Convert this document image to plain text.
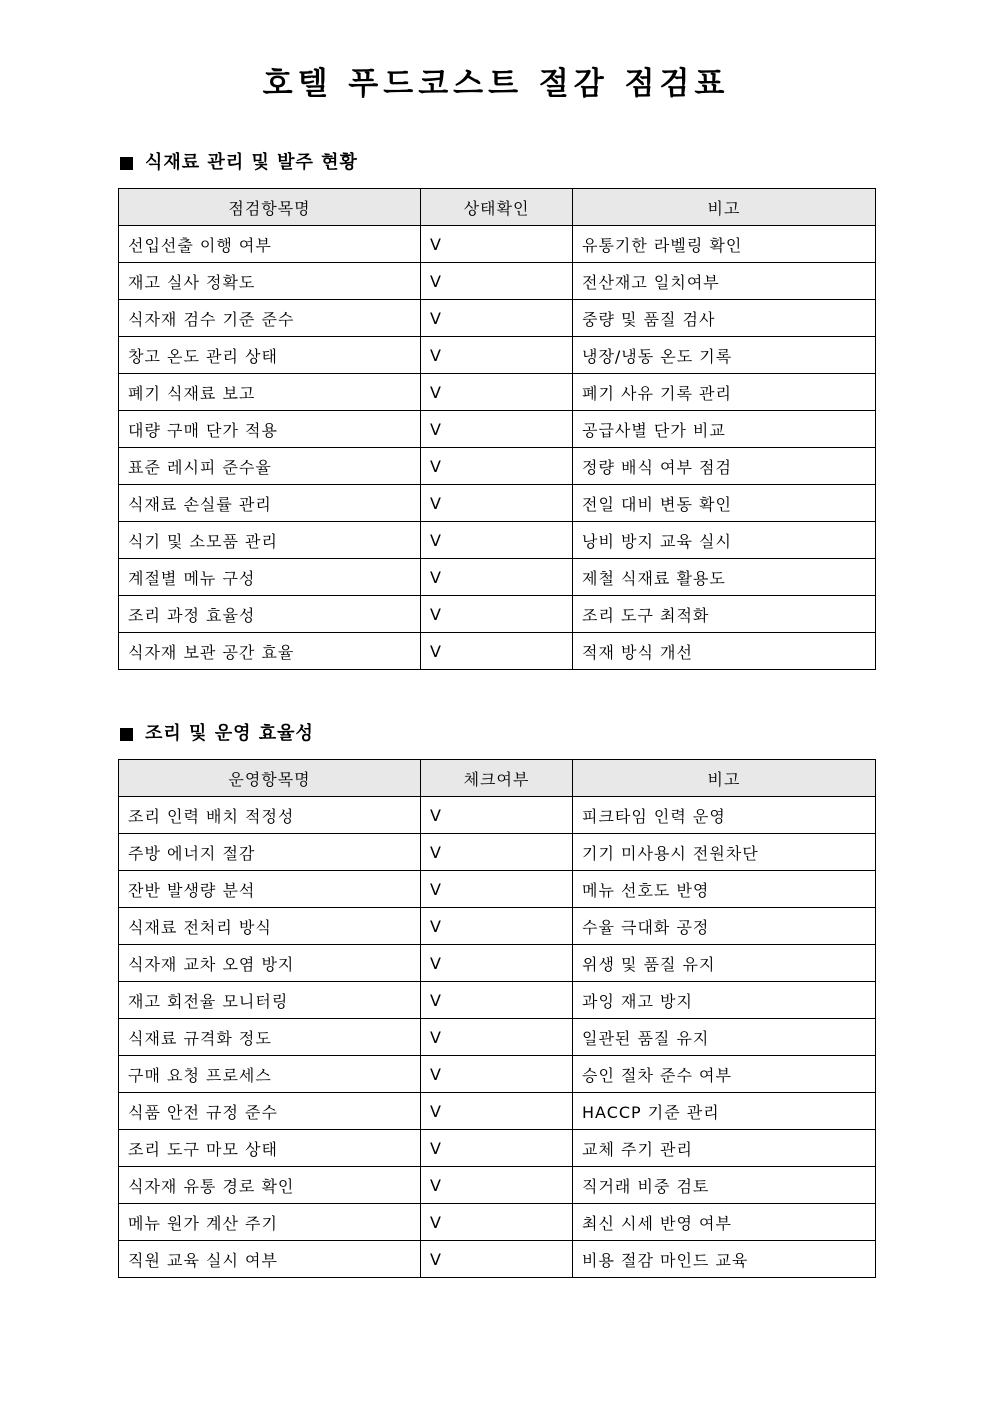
호텔 푸드코스트 절감 점검표
식재료 관리 및 발주 현황
점검항목명	상태확인	비고
선입선출 이행 여부	V	유통기한 라벨링 확인
재고 실사 정확도	V	전산재고 일치여부
식자재 검수 기준 준수	V	중량 및 품질 검사
창고 온도 관리 상태	V	냉장/냉동 온도 기록
폐기 식재료 보고	V	폐기 사유 기록 관리
대량 구매 단가 적용	V	공급사별 단가 비교
표준 레시피 준수율	V	정량 배식 여부 점검
식재료 손실률 관리	V	전일 대비 변동 확인
식기 및 소모품 관리	V	낭비 방지 교육 실시
계절별 메뉴 구성	V	제철 식재료 활용도
조리 과정 효율성	V	조리 도구 최적화
식자재 보관 공간 효율	V	적재 방식 개선
조리 및 운영 효율성
운영항목명	체크여부	비고
조리 인력 배치 적정성	V	피크타임 인력 운영
주방 에너지 절감	V	기기 미사용시 전원차단
잔반 발생량 분석	V	메뉴 선호도 반영
식재료 전처리 방식	V	수율 극대화 공정
식자재 교차 오염 방지	V	위생 및 품질 유지
재고 회전율 모니터링	V	과잉 재고 방지
식재료 규격화 정도	V	일관된 품질 유지
구매 요청 프로세스	V	승인 절차 준수 여부
식품 안전 규정 준수	V	HACCP 기준 관리
조리 도구 마모 상태	V	교체 주기 관리
식자재 유통 경로 확인	V	직거래 비중 검토
메뉴 원가 계산 주기	V	최신 시세 반영 여부
직원 교육 실시 여부	V	비용 절감 마인드 교육
